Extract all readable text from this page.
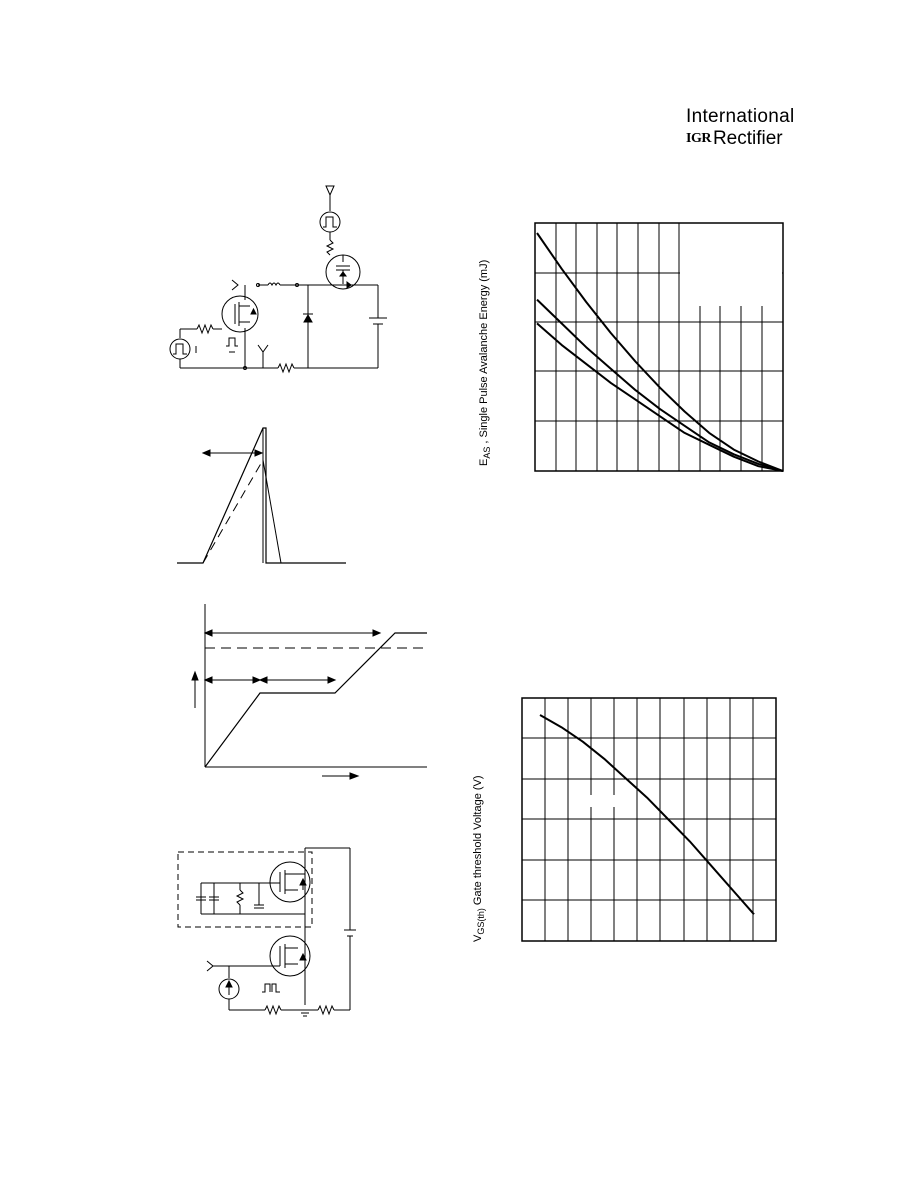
International
IGR Rectifier
$E_{AS}$ , Single Pulse Avalanche Energy (mJ)
$V_{GS(th)}$ Gate threshold Voltage (V)
